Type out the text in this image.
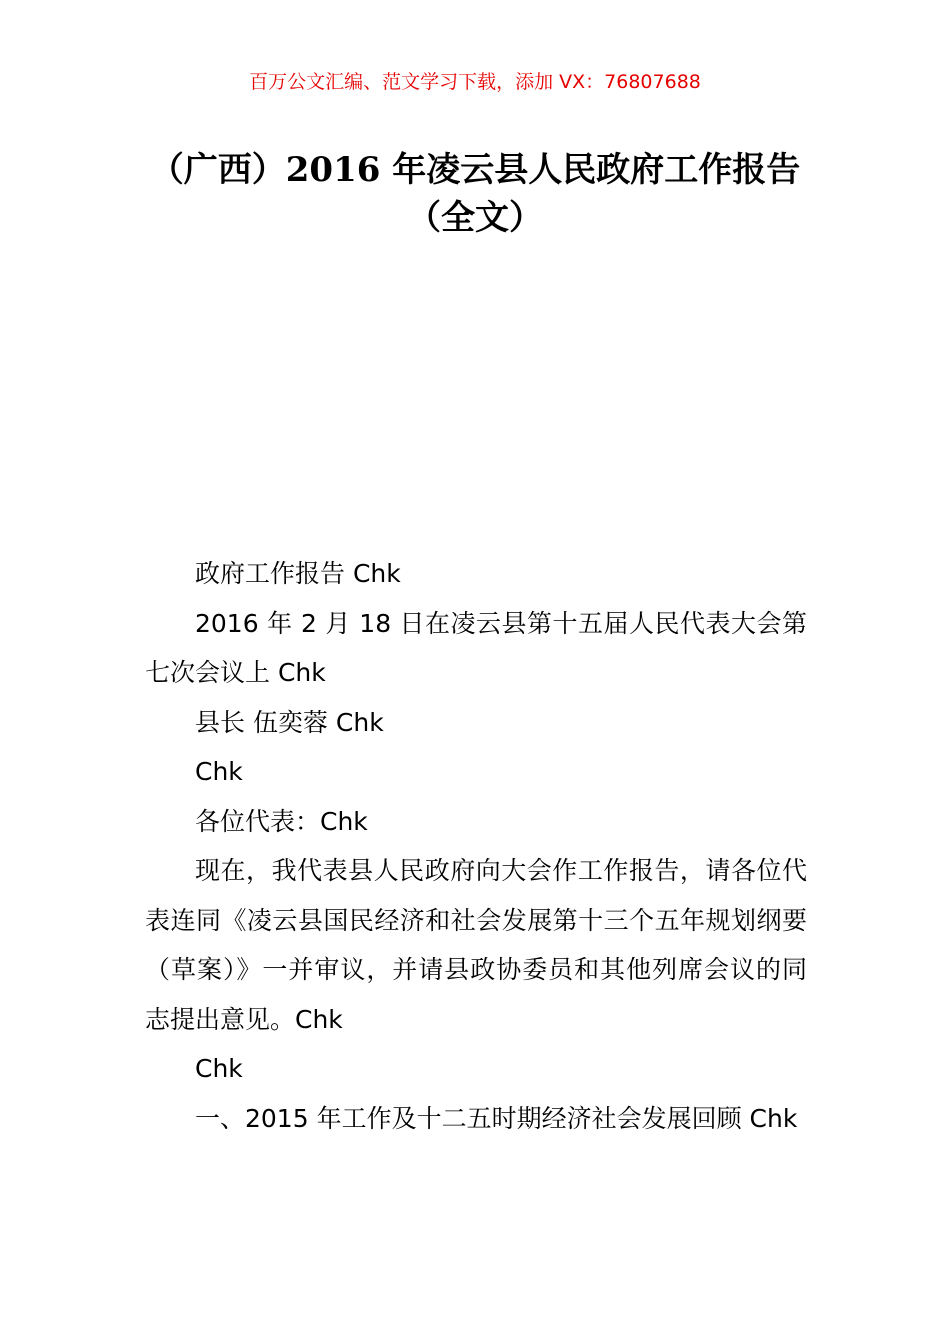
百万公文汇编、范文学习下载，添加 VX：76807688
（广西）2016 年凌云县人民政府工作报告
（全文）

政府工作报告 Chk

2016 年 2 月 18 日在凌云县第十五届人民代表大会第七次会议上 Chk

县长 伍奕蓉 Chk

Chk

各位代表：Chk

现在，我代表县人民政府向大会作工作报告，请各位代表连同《凌云县国民经济和社会发展第十三个五年规划纲要（草案）》一并审议，并请县政协委员和其他列席会议的同志提出意见。Chk

Chk

一、2015 年工作及十二五时期经济社会发展回顾 Chk
